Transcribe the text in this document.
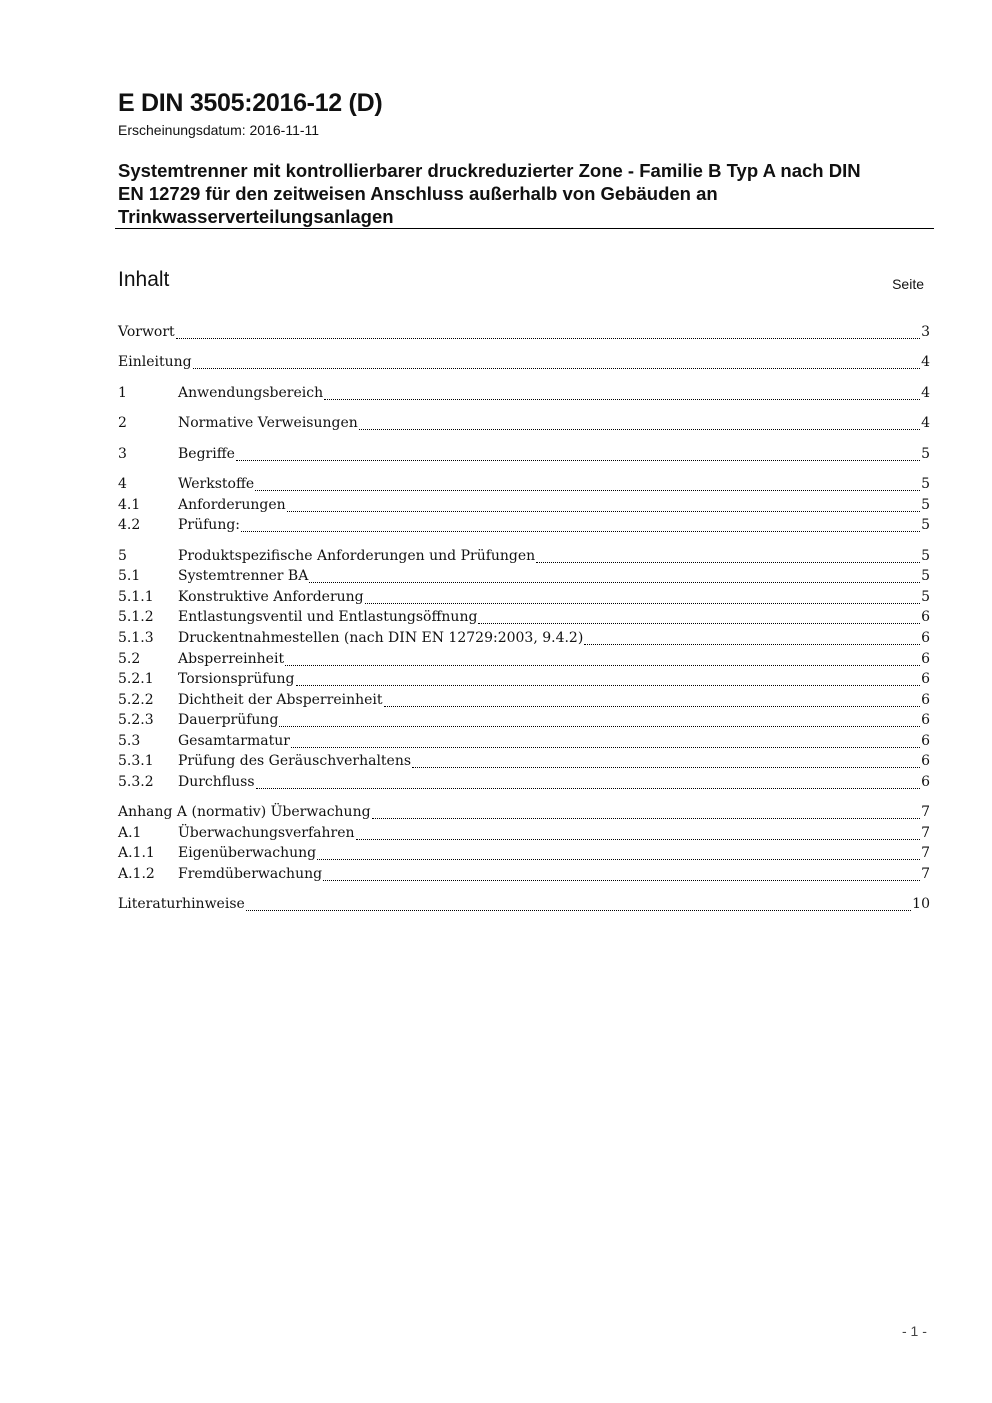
E DIN 3505:2016-12 (D)
Erscheinungsdatum: 2016-11-11
Systemtrenner mit kontrollierbarer druckreduzierter Zone - Familie B Typ A nach DIN
EN 12729 für den zeitweisen Anschluss außerhalb von Gebäuden an
Trinkwasserverteilungsanlagen
Inhalt	Seite
Vorwort	3
Einleitung	4
1	Anwendungsbereich	4
2	Normative Verweisungen	4
3	Begriffe	5
4	Werkstoffe	5
4.1	Anforderungen	5
4.2	Prüfung:	5
5	Produktspezifische Anforderungen und Prüfungen	5
5.1	Systemtrenner BA	5
5.1.1	Konstruktive Anforderung	5
5.1.2	Entlastungsventil und Entlastungsöffnung	6
5.1.3	Druckentnahmestellen (nach DIN EN 12729:2003, 9.4.2)	6
5.2	Absperreinheit	6
5.2.1	Torsionsprüfung	6
5.2.2	Dichtheit der Absperreinheit	6
5.2.3	Dauerprüfung	6
5.3	Gesamtarmatur	6
5.3.1	Prüfung des Geräuschverhaltens	6
5.3.2	Durchfluss	6
Anhang A (normativ) Überwachung	7
A.1	Überwachungsverfahren	7
A.1.1	Eigenüberwachung	7
A.1.2	Fremdüberwachung	7
Literaturhinweise	10
- 1 -
